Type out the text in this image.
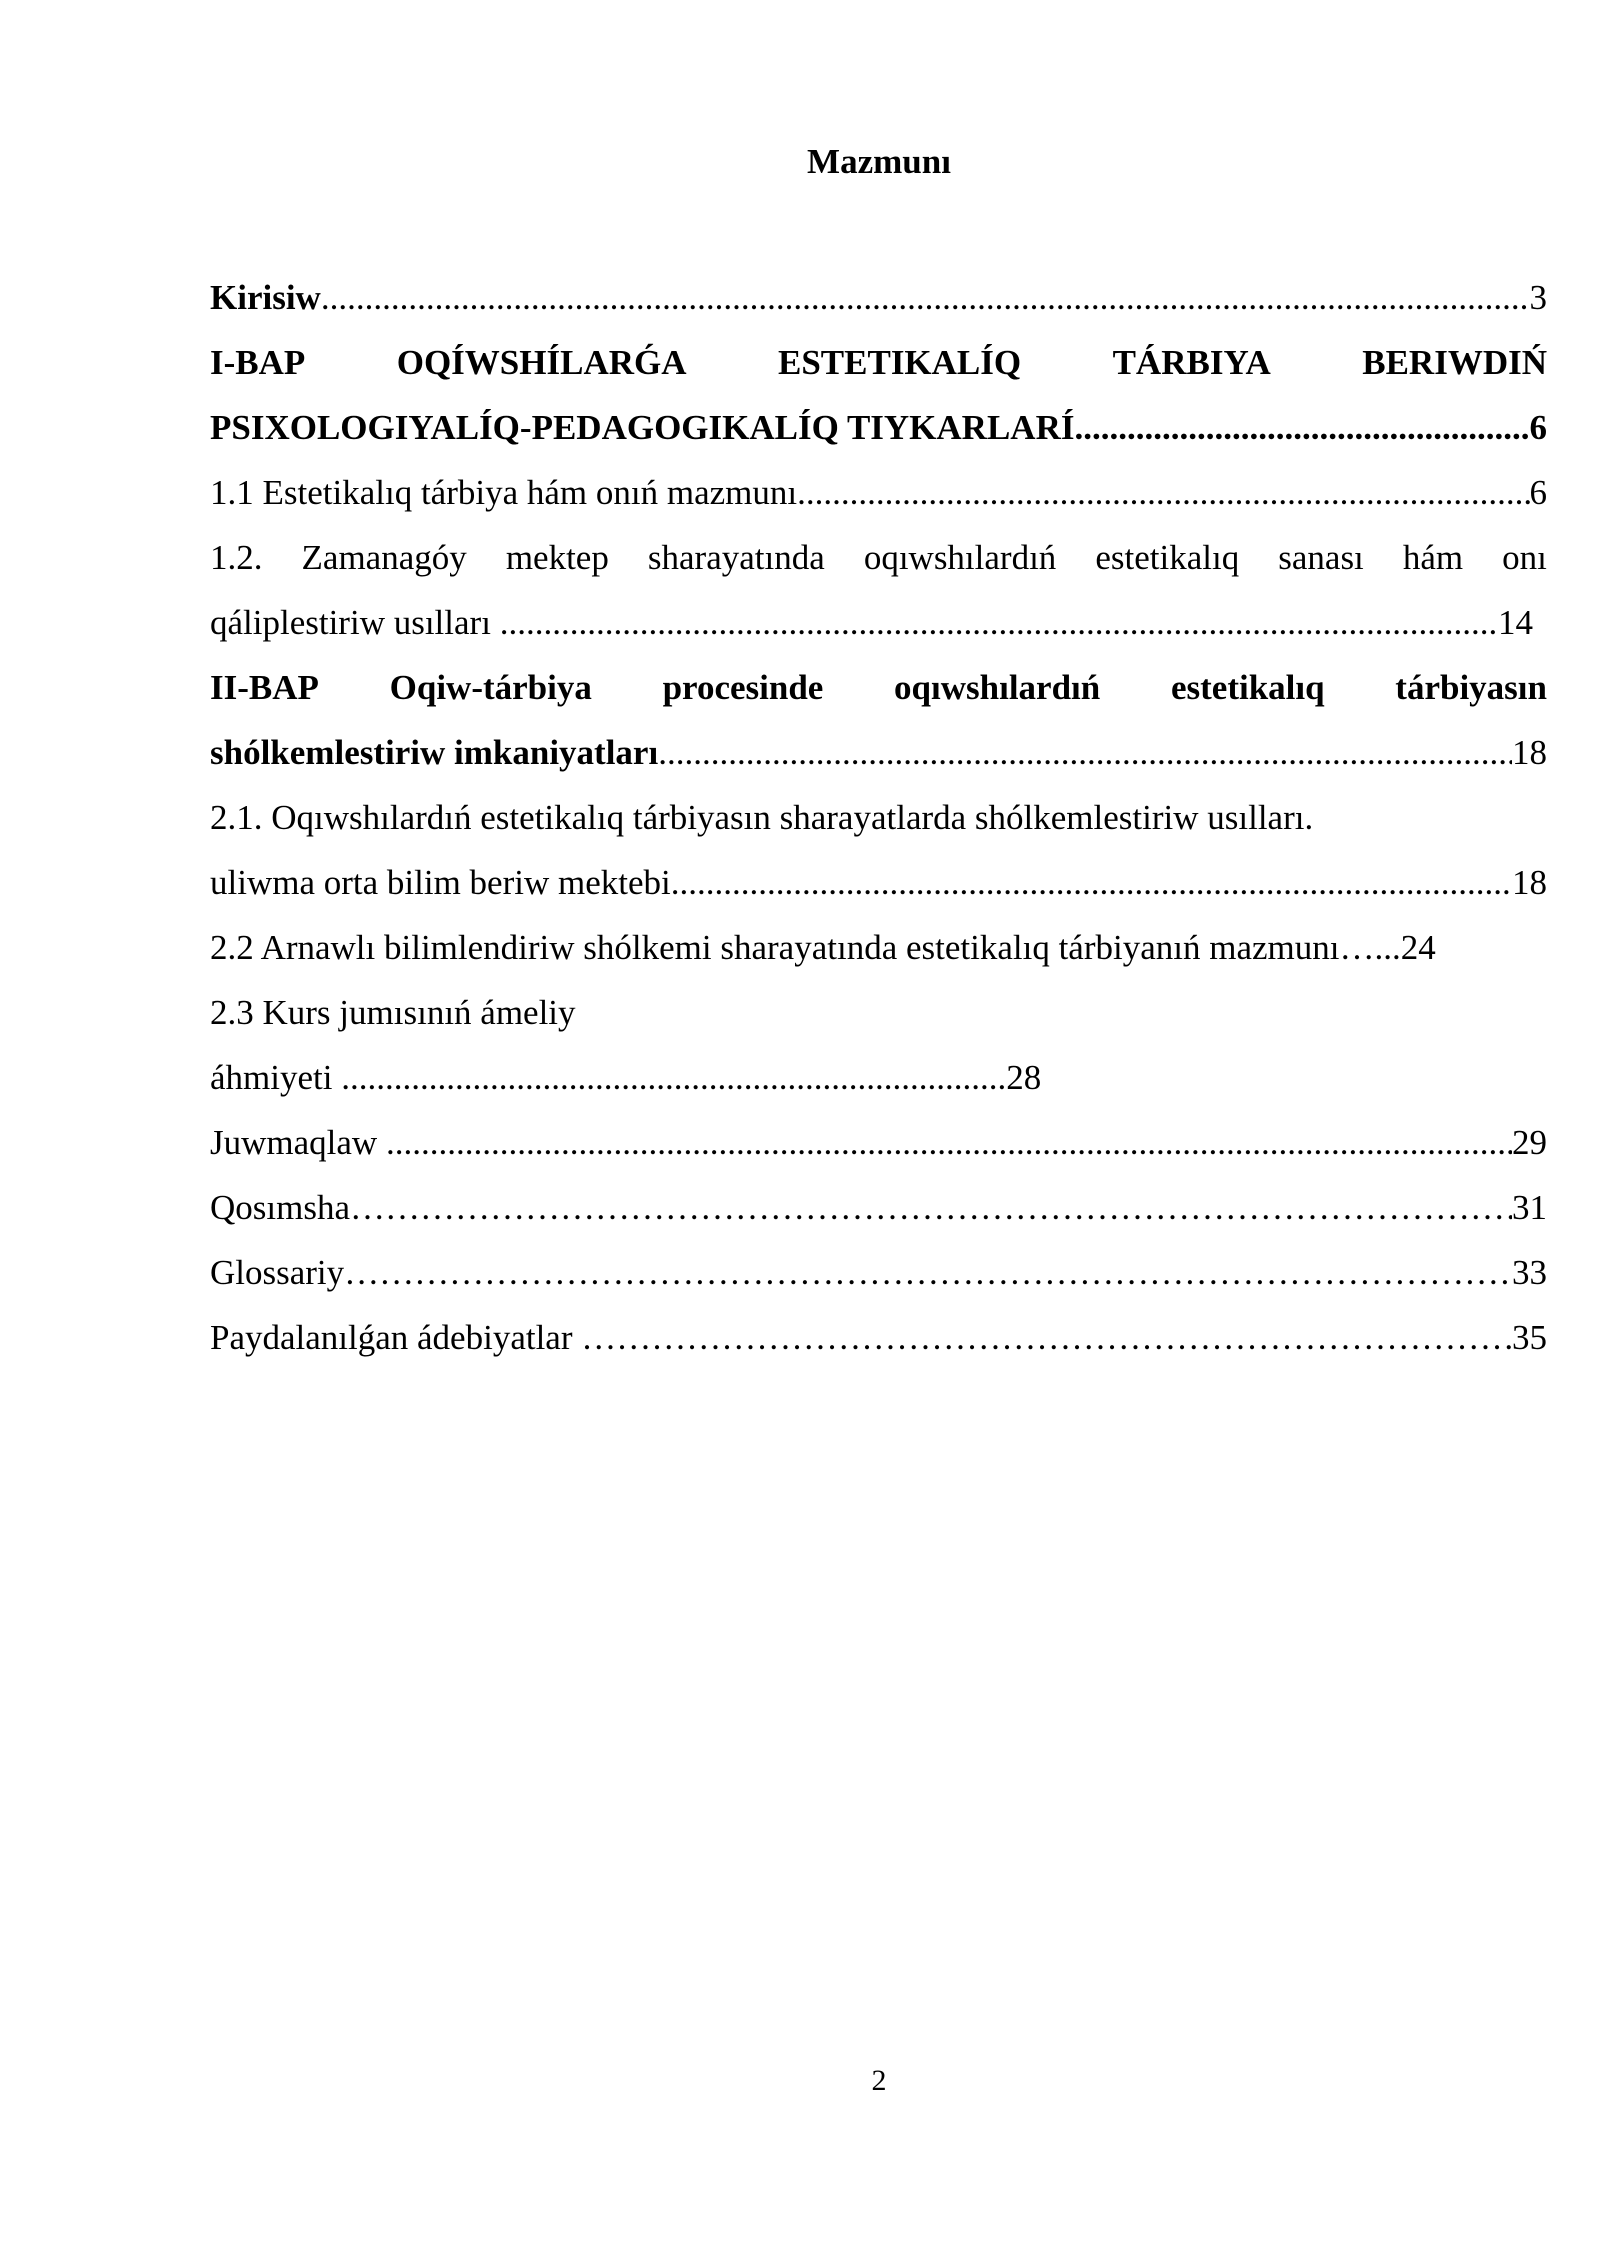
Mazmunı
Kirisiw .....	3
I-BAP	OQÍWSHÍLARǴA	ESTETIKALÍQ	TÁRBIYA	BERIWDIŃ
PSIXOLOGIYALÍQ-PEDAGOGIKALÍQ TIYKARLARÍ .....	6
1.1 Estetikalıq tárbiya hám onıń mazmunı .....	6
1.2. Zamanagóy mektep sharayatında oqıwshılardıń estetikalıq sanası hám onı
qáliplestiriw usılları
.....	14
II-BAP Oqiw-tárbiya procesinde oqıwshılardıń estetikalıq tárbiyasın
shólkemlestiriw imkaniyatları .....	18
2.1. Oqıwshılardıń estetikalıq tárbiyasın sharayatlarda shólkemlestiriw usılları.
uliwma orta bilim beriw mektebi .....	18
2.2 Arnawlı bilimlendiriw shólkemi sharayatında estetikalıq tárbiyanıń mazmunı …... 24
2.3 Kurs jumısınıń ámeliy
áhmiyeti ............................................................................28
Juwmaqlaw .....	29
Qosımsha ……………………………………………………………………………………………………………………………………	31
Glossariy ……………………………………………………………………………………………………………………………………	33
Paydalanılǵan ádebiyatlar ……………………………………………………………………………………………………………………………………	35
2
